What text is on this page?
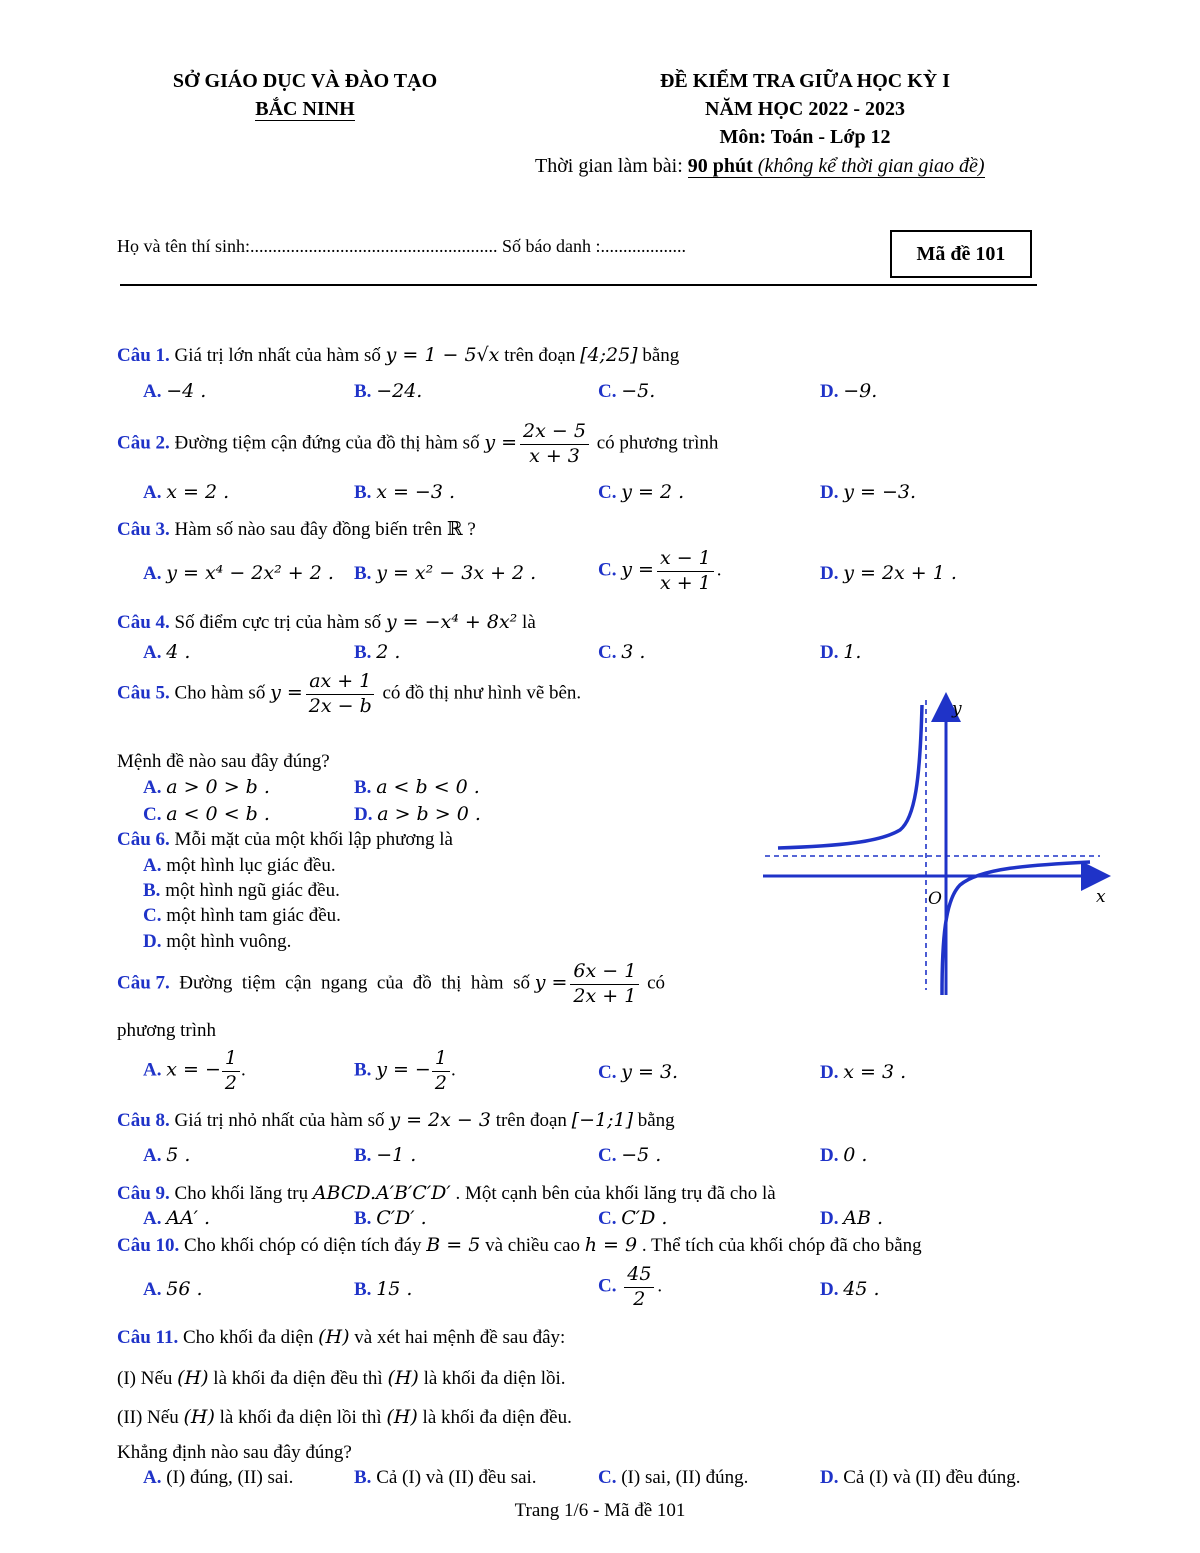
SỞ GIÁO DỤC VÀ ĐÀO TẠO
BẮC NINH
ĐỀ KIỂM TRA GIỮA HỌC KỲ I
NĂM HỌC 2022 - 2023
Môn: Toán - Lớp 12
Thời gian làm bài: 90 phút (không kể thời gian giao đề)
Họ và tên thí sinh:....................................................... Số báo danh :...................	Mã đề 101
Câu 1. Giá trị lớn nhất của hàm số y = 1 − 5√x trên đoạn [4;25] bằng
A. −4 .	B. −24.	C. −5.	D. −9.
Câu 2. Đường tiệm cận đứng của đồ thị hàm số $y = \frac{2x - 5}{x + 3}$ có phương trình
A. x = 2 .	B. x = −3 .	C. y = 2 .	D. y = −3.
Câu 3. Hàm số nào sau đây đồng biến trên ℝ ?
A. y = x⁴ − 2x² + 2 . B. y = x² − 3x + 2 .	C. $y = \frac{x - 1}{x + 1}$ .	D. y = 2x + 1 .
Câu 4. Số điểm cực trị của hàm số y = −x⁴ + 8x² là
A. 4 .	B. 2 .	C. 3 .	D. 1.
Câu 5. Cho hàm số $y = \frac{ax + 1}{2x - b}$ có đồ thị như hình vẽ bên.
Mệnh đề nào sau đây đúng?
A. a > 0 > b .	B. a < b < 0 .
C. a < 0 < b .	D. a > b > 0 .
Câu 6. Mỗi mặt của một khối lập phương là
A. một hình lục giác đều.
B. một hình ngũ giác đều.
C. một hình tam giác đều.
D. một hình vuông.
Câu 7.  Đường  tiệm  cận  ngang  của  đồ  thị  hàm  số $y = \frac{6x - 1}{2x + 1}$ có
phương trình
A. x = − $\frac{1}{2}$ .	B. y = − $\frac{1}{2}$ .	C. y = 3.	D. x = 3 .
Câu 8. Giá trị nhỏ nhất của hàm số y = 2x − 3 trên đoạn [−1;1] bằng
A. 5 .	B. −1 .	C. −5 .	D. 0 .
Câu 9. Cho khối lăng trụ ABCD.A′B′C′D′ . Một cạnh bên của khối lăng trụ đã cho là
A. AA′ .	B. C′D′ .	C. C′D .	D. AB .
Câu 10. Cho khối chóp có diện tích đáy B = 5 và chiều cao h = 9 . Thể tích của khối chóp đã cho bằng
A. 56 .	B. 15 .	C. $\frac{45}{2}$ .	D. 45 .
Câu 11. Cho khối đa diện (H) và xét hai mệnh đề sau đây:
(I) Nếu (H) là khối đa diện đều thì (H) là khối đa diện lồi.
(II) Nếu (H) là khối đa diện lồi thì (H) là khối đa diện đều.
Khẳng định nào sau đây đúng?
A. (I) đúng, (II) sai.	B. Cả (I) và (II) đều sai.	C. (I) sai, (II) đúng.	D. Cả (I) và (II) đều đúng.
Trang 1/6 - Mã đề 101
y
x
O
